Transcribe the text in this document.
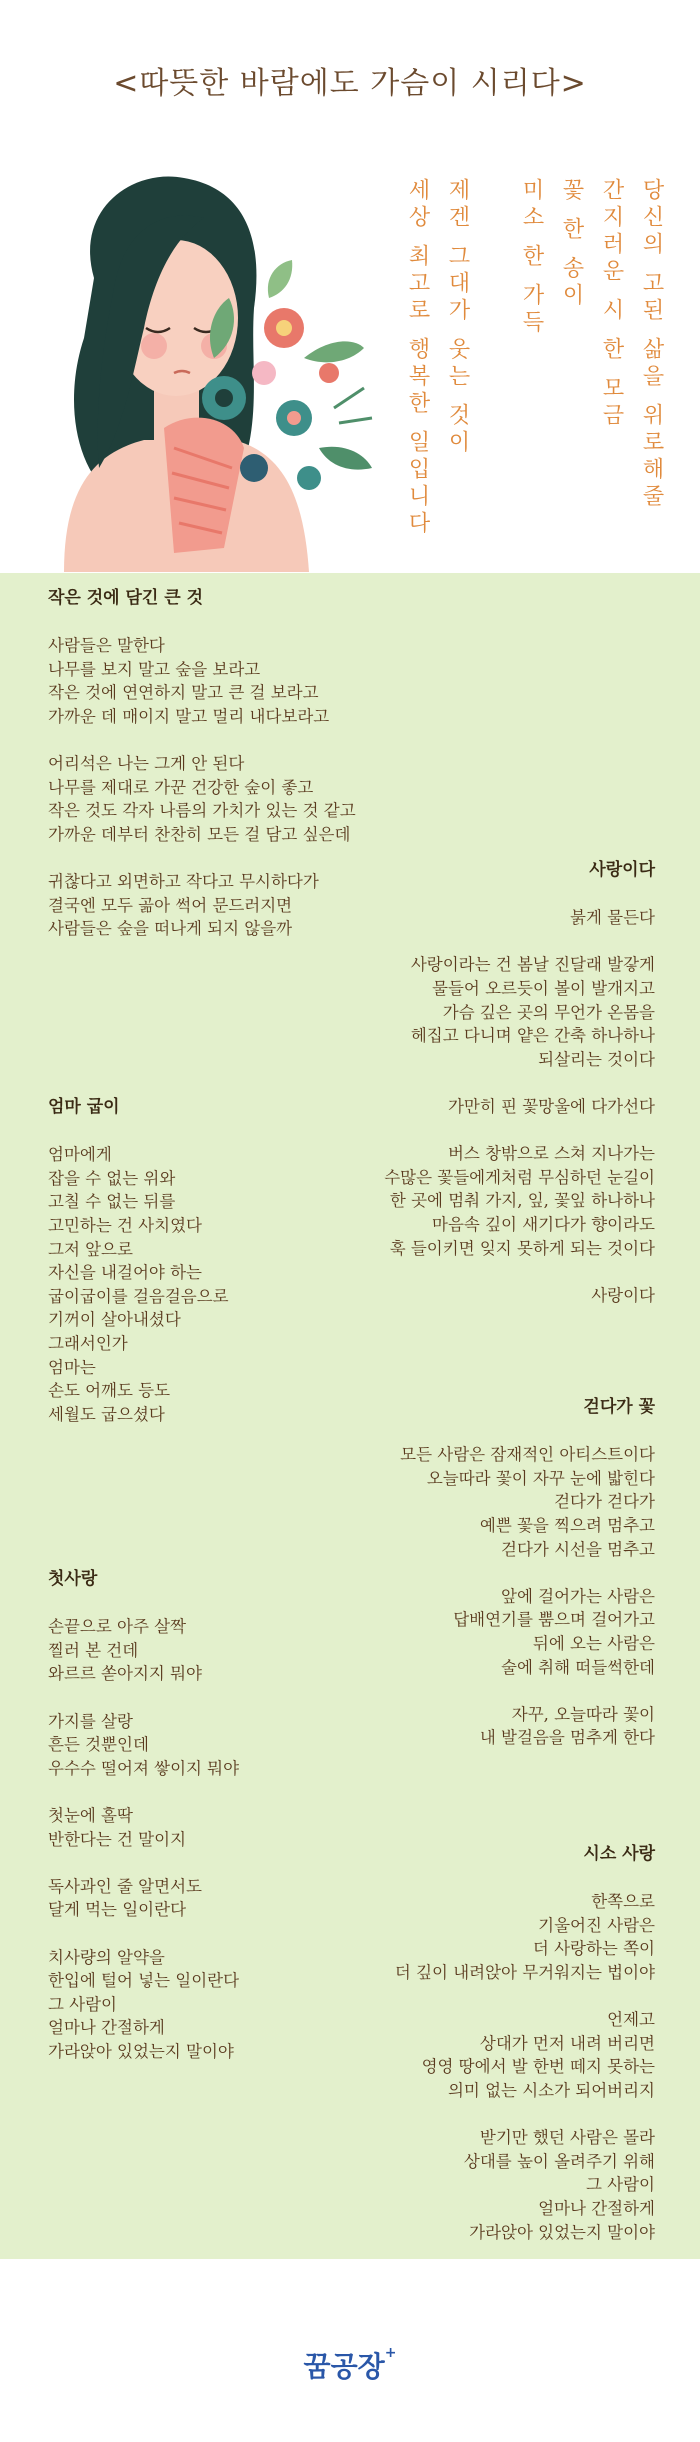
<따뜻한 바람에도 가슴이 시리다>
당신의 고된 삶을 위로해줄
간지러운 시 한 모금
꽃 한 송이
미소 한 가득
제겐 그대가 웃는 것이
세상 최고로 행복한 일입니다
작은 것에 담긴 큰 것
사람들은 말한다
나무를 보지 말고 숲을 보라고
작은 것에 연연하지 말고 큰 걸 보라고
가까운 데 매이지 말고 멀리 내다보라고
어리석은 나는 그게 안 된다
나무를 제대로 가꾼 건강한 숲이 좋고
작은 것도 각자 나름의 가치가 있는 것 같고
가까운 데부터 찬찬히 모든 걸 담고 싶은데
귀찮다고 외면하고 작다고 무시하다가
결국엔 모두 곪아 썩어 문드러지면
사람들은 숲을 떠나게 되지 않을까
사랑이다
붉게 물든다
사랑이라는 건 봄날 진달래 발갛게
물들어 오르듯이 볼이 발개지고
가슴 깊은 곳의 무언가 온몸을
헤집고 다니며 얕은 간축 하나하나
되살리는 것이다
가만히 핀 꽃망울에 다가선다
버스 창밖으로 스쳐 지나가는
수많은 꽃들에게처럼 무심하던 눈길이
한 곳에 멈춰 가지, 잎, 꽃잎 하나하나
마음속 깊이 새기다가 향이라도
훅 들이키면 잊지 못하게 되는 것이다
사랑이다
엄마 굽이
엄마에게
잡을 수 없는 위와
고칠 수 없는 뒤를
고민하는 건 사치였다
그저 앞으로
자신을 내걸어야 하는
굽이굽이를 걸음걸음으로
기꺼이 살아내셨다
그래서인가
엄마는
손도 어깨도 등도
세월도 굽으셨다	걷다가 꽃
모든 사람은 잠재적인 아티스트이다
오늘따라 꽃이 자꾸 눈에 밟힌다
걷다가 걷다가
예쁜 꽃을 찍으려 멈추고
걷다가 시선을 멈추고
앞에 걸어가는 사람은
답배연기를 뿜으며 걸어가고
뒤에 오는 사람은
술에 취해 떠들썩한데
자꾸, 오늘따라 꽃이
내 발걸음을 멈추게 한다
첫사랑
손끝으로 아주 살짝
찔러 본 건데
와르르 쏟아지지 뭐야
가지를 살랑
흔든 것뿐인데
우수수 떨어져 쌓이지 뭐야
첫눈에 홀딱
반한다는 건 말이지
독사과인 줄 알면서도
달게 먹는 일이란다
치사량의 알약을
한입에 털어 넣는 일이란다
그 사람이
얼마나 간절하게
가라앉아 있었는지 말이야
시소 사랑
한쪽으로
기울어진 사람은
더 사랑하는 쪽이
더 깊이 내려앉아 무거워지는 법이야
언제고
상대가 먼저 내려 버리면
영영 땅에서 발 한번 떼지 못하는
의미 없는 시소가 되어버리지
받기만 했던 사람은 몰라
상대를 높이 올려주기 위해
그 사람이
얼마나 간절하게
가라앉아 있었는지 말이야
꿈공장+
